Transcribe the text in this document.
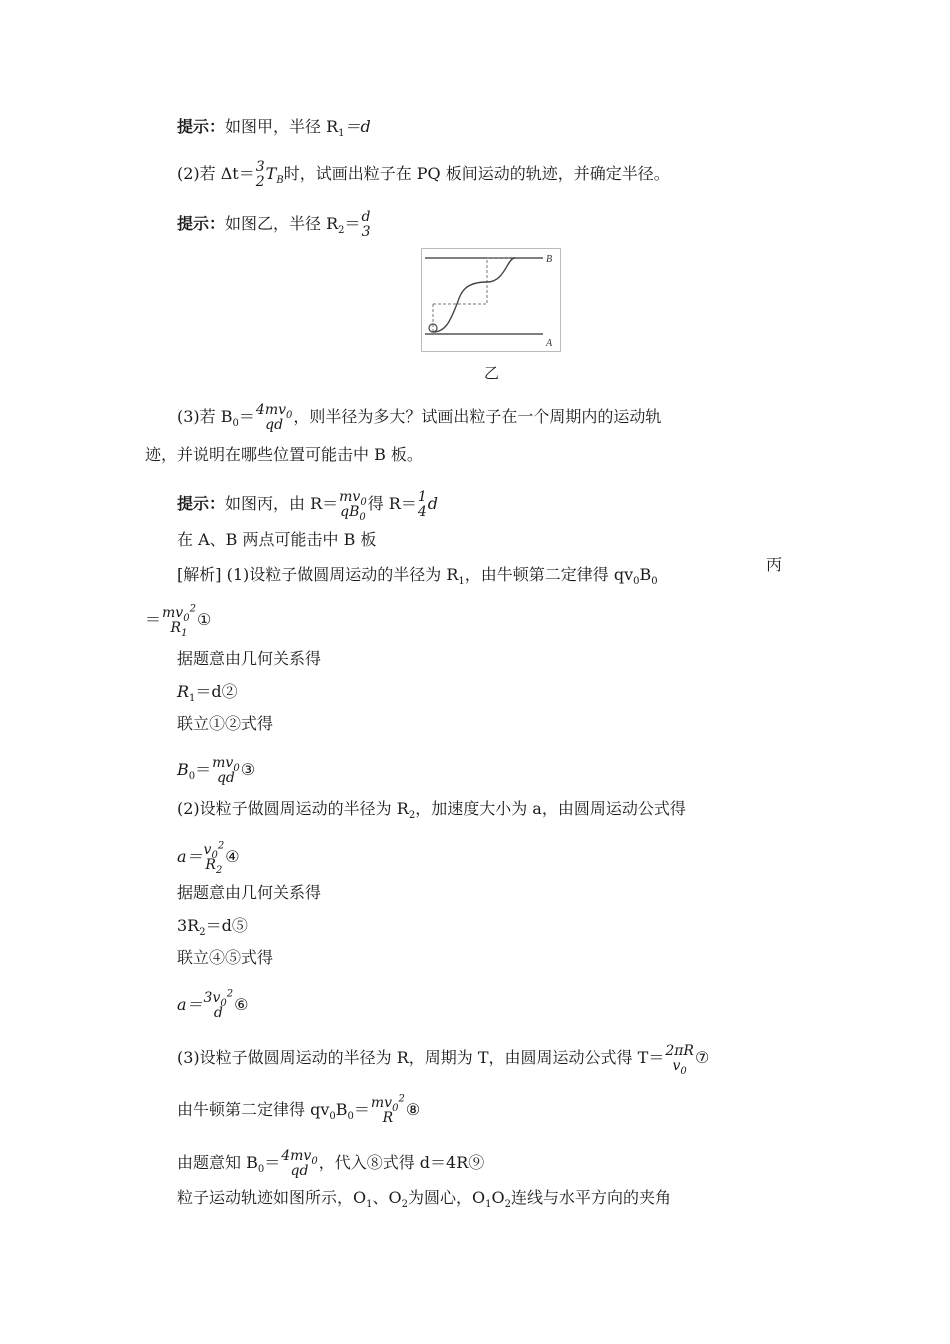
提示：如图甲，半径 $R_1=d$
(2)若 Δt＝ 3
2 $T_B$时，试画出粒子在 PQ 板间运动的轨迹，并确定半径。
提示：如图乙，半径 $R_2= d$
3
B
A
乙
(3)若 $B_0= 4mv_0$
qd ，则半径为多大？试画出粒子在一个周期内的运动轨
迹，并说明在哪些位置可能击中 B 板。
提示：如图丙，由 $R= mv_0$
$qB_0$
得 R＝ 1
4 d
在 A、B 两点可能击中 B 板
丙
[解析] (1)设粒子做圆周运动的半径为 $R_1$，由牛顿第二定律得 $qv_0B_0$
＝ $mv_0^2$
$R_1$
①
据题意由几何关系得
$R_1=d②$
联立①②式得
$B_0= mv_0$
qd ③
(2)设粒子做圆周运动的半径为 $R_2$，加速度大小为 a，由圆周运动公式得
$a= v_0^2$
$R_2$
④
据题意由几何关系得
$3R_2=d⑤$
联立④⑤式得
$a= 3v_0^2$
d ⑥
(3)设粒子做圆周运动的半径为 R，周期为 T，由圆周运动公式得 T＝ 2πR
$v_0$
⑦
由牛顿第二定律得 $qv_0B_0= mv_0^2$
R ⑧
由题意知 $B_0= 4mv_0$
qd ，代入⑧式得 d＝4R⑨
粒子运动轨迹如图所示，$O_1$、$O_2$为圆心，$O_1O_2$连线与水平方向的夹角
